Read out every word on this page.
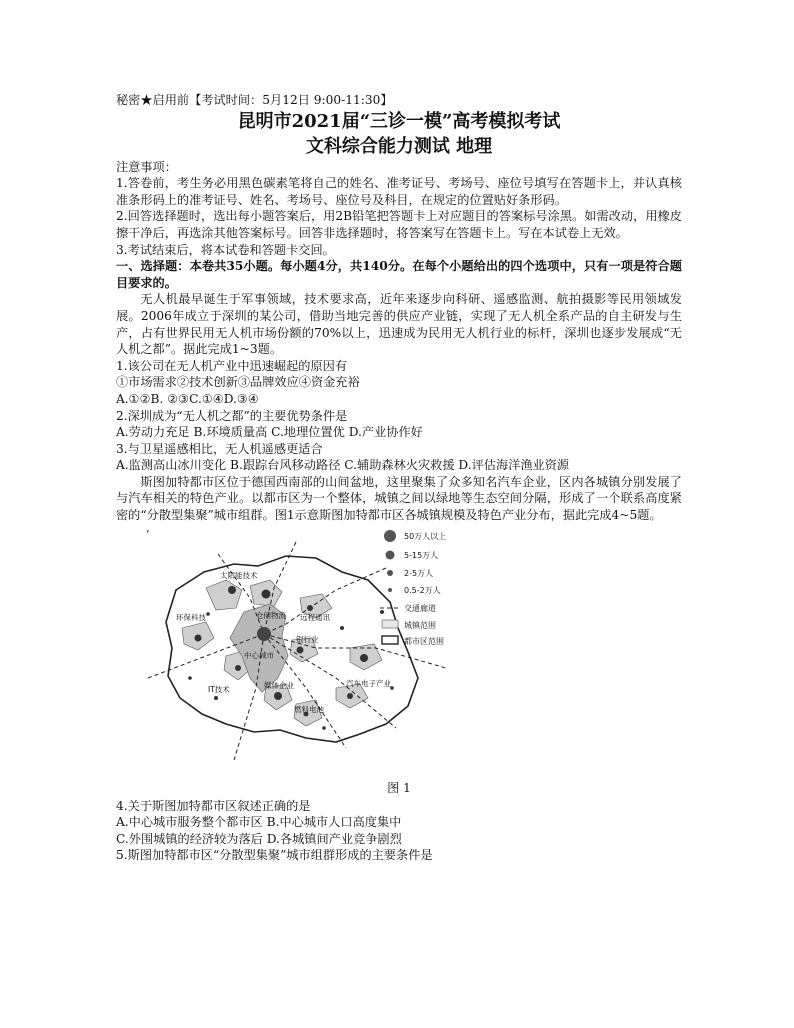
秘密★启用前【考试时间：5月12日 9:00-11:30】
昆明市2021届“三诊一模”高考模拟考试
文科综合能力测试 地理
注意事项：
1.答卷前，考生务必用黑色碳素笔将自己的姓名、准考证号、考场号、座位号填写在答题卡上，并认真核准条形码上的准考证号、姓名、考场号、座位号及科目，在规定的位置贴好条形码。
2.回答选择题时，选出每小题答案后，用2B铅笔把答题卡上对应题目的答案标号涂黑。如需改动，用橡皮擦干净后，再选涂其他答案标号。回答非选择题时，将答案写在答题卡上。写在本试卷上无效。
3.考试结束后，将本试卷和答题卡交回。
一、选择题：本卷共35小题。每小题4分，共140分。在每个小题给出的四个选项中，只有一项是符合题目要求的。
无人机最早诞生于军事领域，技术要求高，近年来逐步向科研、遥感监测、航拍摄影等民用领域发展。2006年成立于深圳的某公司，借助当地完善的供应产业链，实现了无人机全系产品的自主研发与生产，占有世界民用无人机市场份额的70%以上，迅速成为民用无人机行业的标杆，深圳也逐步发展成“无人机之都”。据此完成1~3题。
1.该公司在无人机产业中迅速崛起的原因有
①市场需求②技术创新③品牌效应④资金充裕
A.①②B. ②③C.①④D.③④
2.深圳成为“无人机之都”的主要优势条件是
A.劳动力充足 B.环境质量高 C.地理位置优 D.产业协作好
3.与卫星遥感相比，无人机遥感更适合
A.监测高山冰川变化 B.跟踪台风移动路径 C.辅助森林火灾救援 D.评估海洋渔业资源
斯图加特都市区位于德国西南部的山间盆地，这里聚集了众多知名汽车企业，区内各城镇分别发展了与汽车相关的特色产业。以都市区为一个整体，城镇之间以绿地等生态空间分隔，形成了一个联系高度紧密的“分散型集聚”城市组群。图1示意斯图加特都市区各城镇规模及特色产业分布，据此完成4~5题。
’
太阳能技术
环保科技	仓储物流 远程通讯
中心城市
银行业
IT技术	媒体企业	汽车电子产业
燃料电池
50万人以上
5-15万人
2-5万人
0.5-2万人
交通廊道
城镇范围
都市区范围
图 1
4.关于斯图加特都市区叙述正确的是
A.中心城市服务整个都市区 B.中心城市人口高度集中
C.外围城镇的经济较为落后 D.各城镇间产业竞争剧烈
5.斯图加特都市区“分散型集聚”城市组群形成的主要条件是
